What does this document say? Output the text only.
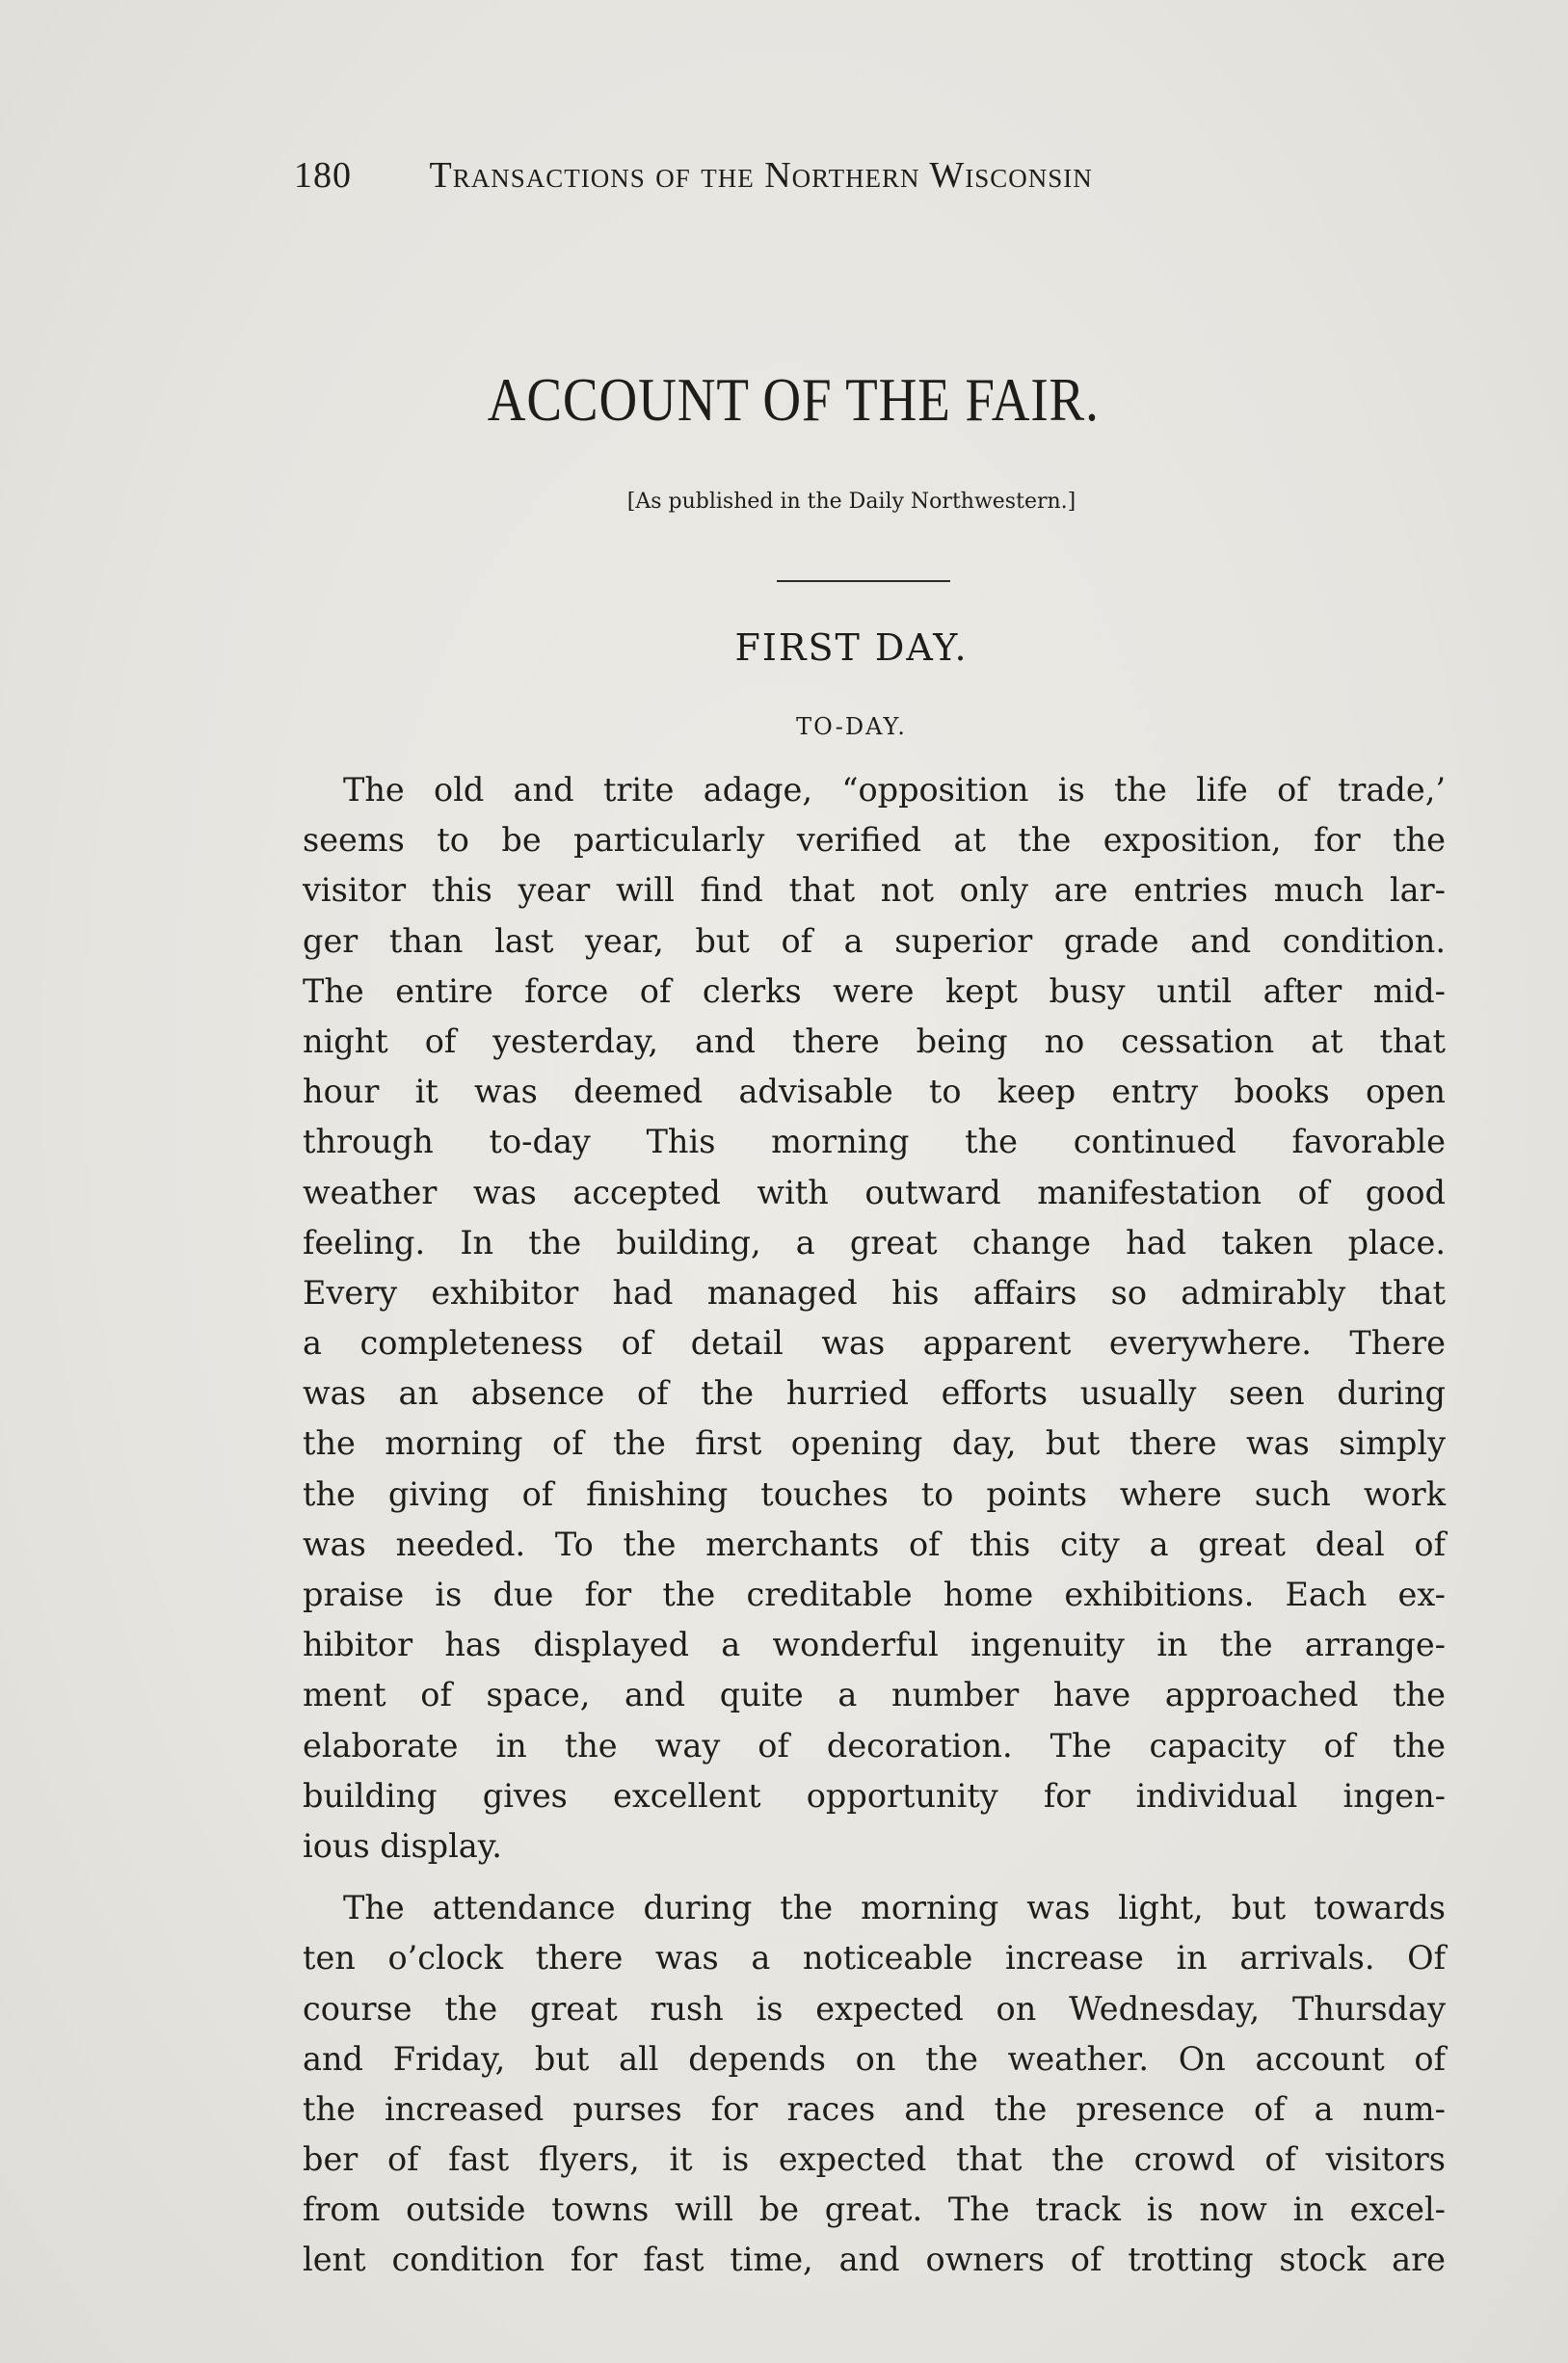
180 Transactions of the Northern Wisconsin
ACCOUNT OF THE FAIR.
[As published in the Daily Northwestern.]
FIRST DAY.
TO-DAY.
The old and trite adage, “opposition is the life of trade,’
seems to be particularly verified at the exposition, for the
visitor this year will find that not only are entries much lar-
ger than last year, but of a superior grade and condition.
The entire force of clerks were kept busy until after mid-
night of yesterday, and there being no cessation at that
hour it was deemed advisable to keep entry books open
through to-day This morning the continued favorable
weather was accepted with outward manifestation of good
feeling. In the building, a great change had taken place.
Every exhibitor had managed his affairs so admirably that
a completeness of detail was apparent everywhere. There
was an absence of the hurried efforts usually seen during
the morning of the first opening day, but there was simply
the giving of finishing touches to points where such work
was needed. To the merchants of this city a great deal of
praise is due for the creditable home exhibitions. Each ex-
hibitor has displayed a wonderful ingenuity in the arrange-
ment of space, and quite a number have approached the
elaborate in the way of decoration. The capacity of the
building gives excellent opportunity for individual ingen-
ious display.
The attendance during the morning was light, but towards
ten o’clock there was a noticeable increase in arrivals. Of
course the great rush is expected on Wednesday, Thursday
and Friday, but all depends on the weather. On account of
the increased purses for races and the presence of a num-
ber of fast flyers, it is expected that the crowd of visitors
from outside towns will be great. The track is now in excel-
lent condition for fast time, and owners of trotting stock are
